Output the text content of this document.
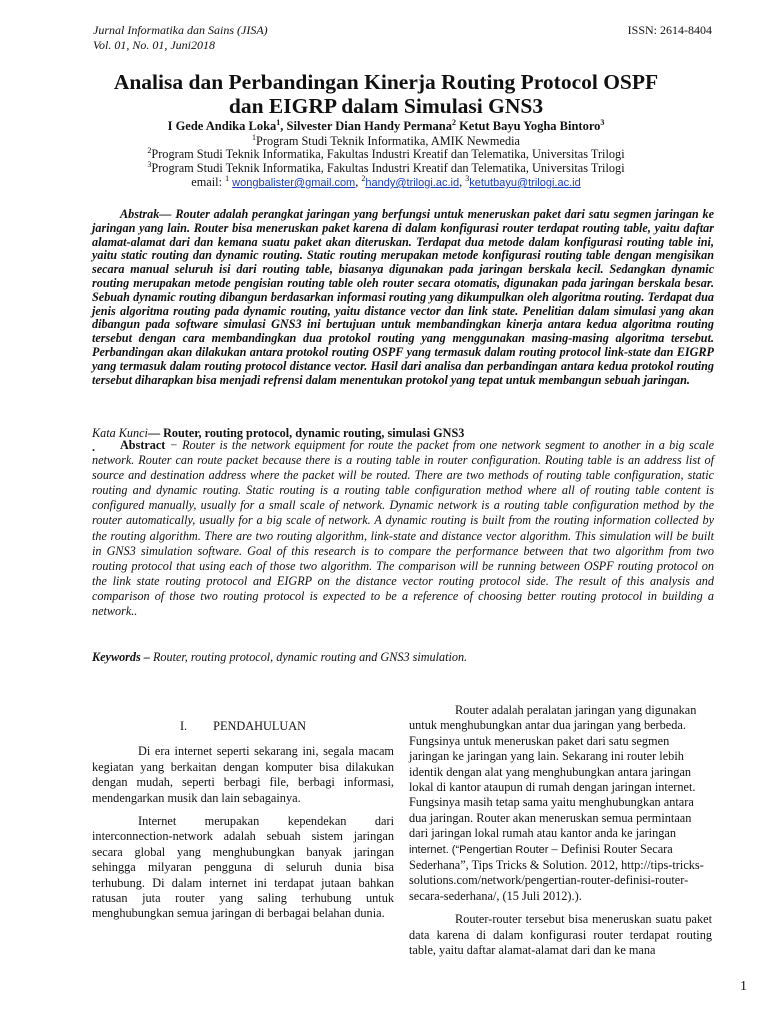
Jurnal Informatika dan Sains (JISA)
Vol. 01, No. 01, Juni2018
ISSN: 2614-8404
Analisa dan Perbandingan Kinerja Routing Protocol OSPF
dan EIGRP dalam Simulasi GNS3
I Gede Andika Loka$^1$, Silvester Dian Handy Permana$^2$ Ketut Bayu Yogha Bintoro$^3$
$^1$Program Studi Teknik Informatika, AMIK Newmedia
$^2$Program Studi Teknik Informatika, Fakultas Industri Kreatif dan Telematika, Universitas Trilogi
$^3$Program Studi Teknik Informatika, Fakultas Industri Kreatif dan Telematika, Universitas Trilogi
email: $^1$ wongbalister@gmail.com, $^2$handy@trilogi.ac.id, $^3$ketutbayu@trilogi.ac.id

Abstrak— Router adalah perangkat jaringan yang berfungsi untuk meneruskan paket dari satu segmen jaringan ke jaringan yang lain. Router bisa meneruskan paket karena di dalam konfigurasi router terdapat routing table, yaitu daftar alamat-alamat dari dan kemana suatu paket akan diteruskan. Terdapat dua metode dalam konfigurasi routing table ini, yaitu static routing dan dynamic routing. Static routing merupakan metode konfigurasi routing table dengan mengisikan secara manual seluruh isi dari routing table, biasanya digunakan pada jaringan berskala kecil. Sedangkan dynamic routing merupakan metode pengisian routing table oleh router secara otomatis, digunakan pada jaringan berskala besar. Sebuah dynamic routing dibangun berdasarkan informasi routing yang dikumpulkan oleh algoritma routing. Terdapat dua jenis algoritma routing pada dynamic routing, yaitu distance vector dan link state. Penelitian dalam simulasi yang akan dibangun pada software simulasi GNS3 ini bertujuan untuk membandingkan kinerja antara kedua algoritma routing tersebut dengan cara membandingkan dua protokol routing yang menggunakan masing-masing algoritma tersebut. Perbandingan akan dilakukan antara protokol routing OSPF yang termasuk dalam routing protocol link-state dan EIGRP yang termasuk dalam routing protocol distance vector. Hasil dari analisa dan perbandingan antara kedua protokol routing tersebut diharapkan bisa menjadi refrensi dalam menentukan protokol yang tepat untuk membangun sebuah jaringan.

Kata Kunci— Router, routing protocol, dynamic routing, simulasi GNS3
.	Abstract − Router is the network equipment for route the packet from one network segment to another in a big scale network. Router can route packet because there is a routing table in router configuration. Routing table is an address list of source and destination address where the packet will be routed. There are two methods of routing table configuration, static routing and dynamic routing. Static routing is a routing table configuration method where all of routing table content is configured manually, usually for a small scale of network. Dynamic network is a routing table configuration method by the router automatically, usually for a big scale of network. A dynamic routing is built from the routing information collected by the routing algorithm. There are two routing algorithm, link-state and distance vector algorithm. This simulation will be built in GNS3 simulation software. Goal of this research is to compare the performance between that two algorithm from two routing protocol that using each of those two algorithm. The comparison will be running between OSPF routing protocol on the link state routing protocol and EIGRP on the distance vector routing protocol side. The result of this analysis and comparison of those two routing protocol is expected to be a reference of choosing better routing protocol in building a network..

Keywords – Router, routing protocol, dynamic routing and GNS3 simulation.
I. PENDAHULUAN

Di era internet seperti sekarang ini, segala macam kegiatan yang berkaitan dengan komputer bisa dilakukan dengan mudah, seperti berbagi file, berbagi informasi, mendengarkan musik dan lain sebagainya.

Internet merupakan kependekan dari interconnection-network adalah sebuah sistem jaringan secara global yang menghubungkan banyak jaringan sehingga milyaran pengguna di seluruh dunia bisa terhubung. Di dalam internet ini terdapat jutaan bahkan ratusan juta router yang saling terhubung untuk menghubungkan semua jaringan di berbagai belahan dunia.

Router adalah peralatan jaringan yang digunakan untuk menghubungkan antar dua jaringan yang berbeda. Fungsinya untuk meneruskan paket dari satu segmen jaringan ke jaringan yang lain. Sekarang ini router lebih identik dengan alat yang menghubungkan antara jaringan lokal di kantor ataupun di rumah dengan jaringan internet. Fungsinya masih tetap sama yaitu menghubungkan antara dua jaringan. Router akan meneruskan semua permintaan dari jaringan lokal rumah atau kantor anda ke jaringan internet. (“Pengertian Router – Definisi Router Secara Sederhana”, Tips Tricks & Solution. 2012, http://tips-tricks-solutions.com/network/pengertian-router-definisi-router-secara-sederhana/, (15 Juli 2012).).

Router-router tersebut bisa meneruskan suatu paket data karena di dalam konfigurasi router terdapat routing table, yaitu daftar alamat-alamat dari dan ke mana

1
